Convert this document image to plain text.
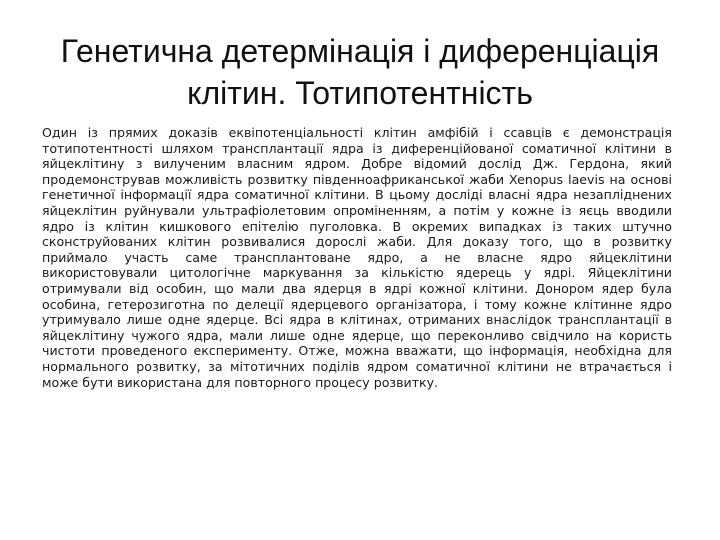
Генетична детермінація і диференціація клітин. Тотипотентність

Один із прямих доказів еквіпотенціальності клітин амфібій і ссавців є демонстрація тотипотентності шляхом трансплантації ядра із диференційованої соматичної клітини в яйцеклітину з вилученим власним ядром. Добре відомий дослід Дж. Гердона, який продемонстрував можливість розвитку південноафриканської жаби Xenopus laevis на основі генетичної інформації ядра соматичної клітини. В цьому досліді власні ядра незапліднених яйцеклітин руйнували ультрафіолетовим опроміненням, а потім у кожне із яєць вводили ядро із клітин кишкового епітелію пуголовка. В окремих випадках із таких штучно сконструйованих клітин розвивалися дорослі жаби. Для доказу того, що в розвитку приймало участь саме трансплантоване ядро, а не власне ядро яйцеклітини використовували цитологічне маркування за кількістю ядерець у ядрі. Яйцеклітини отримували від особин, що мали два ядерця в ядрі кожної клітини. Донором ядер була особина, гетерозиготна по делеції ядерцевого організатора, і тому кожне клітинне ядро утримувало лише одне ядерце. Всі ядра в клітинах, отриманих внаслідок трансплантації в яйцеклітину чужого ядра, мали лише одне ядерце, що переконливо свідчило на користь чистоти проведеного експерименту. Отже, можна вважати, що інформація, необхідна для нормального розвитку, за мітотичних поділів ядром соматичної клітини не втрачається і може бути використана для повторного процесу розвитку.
